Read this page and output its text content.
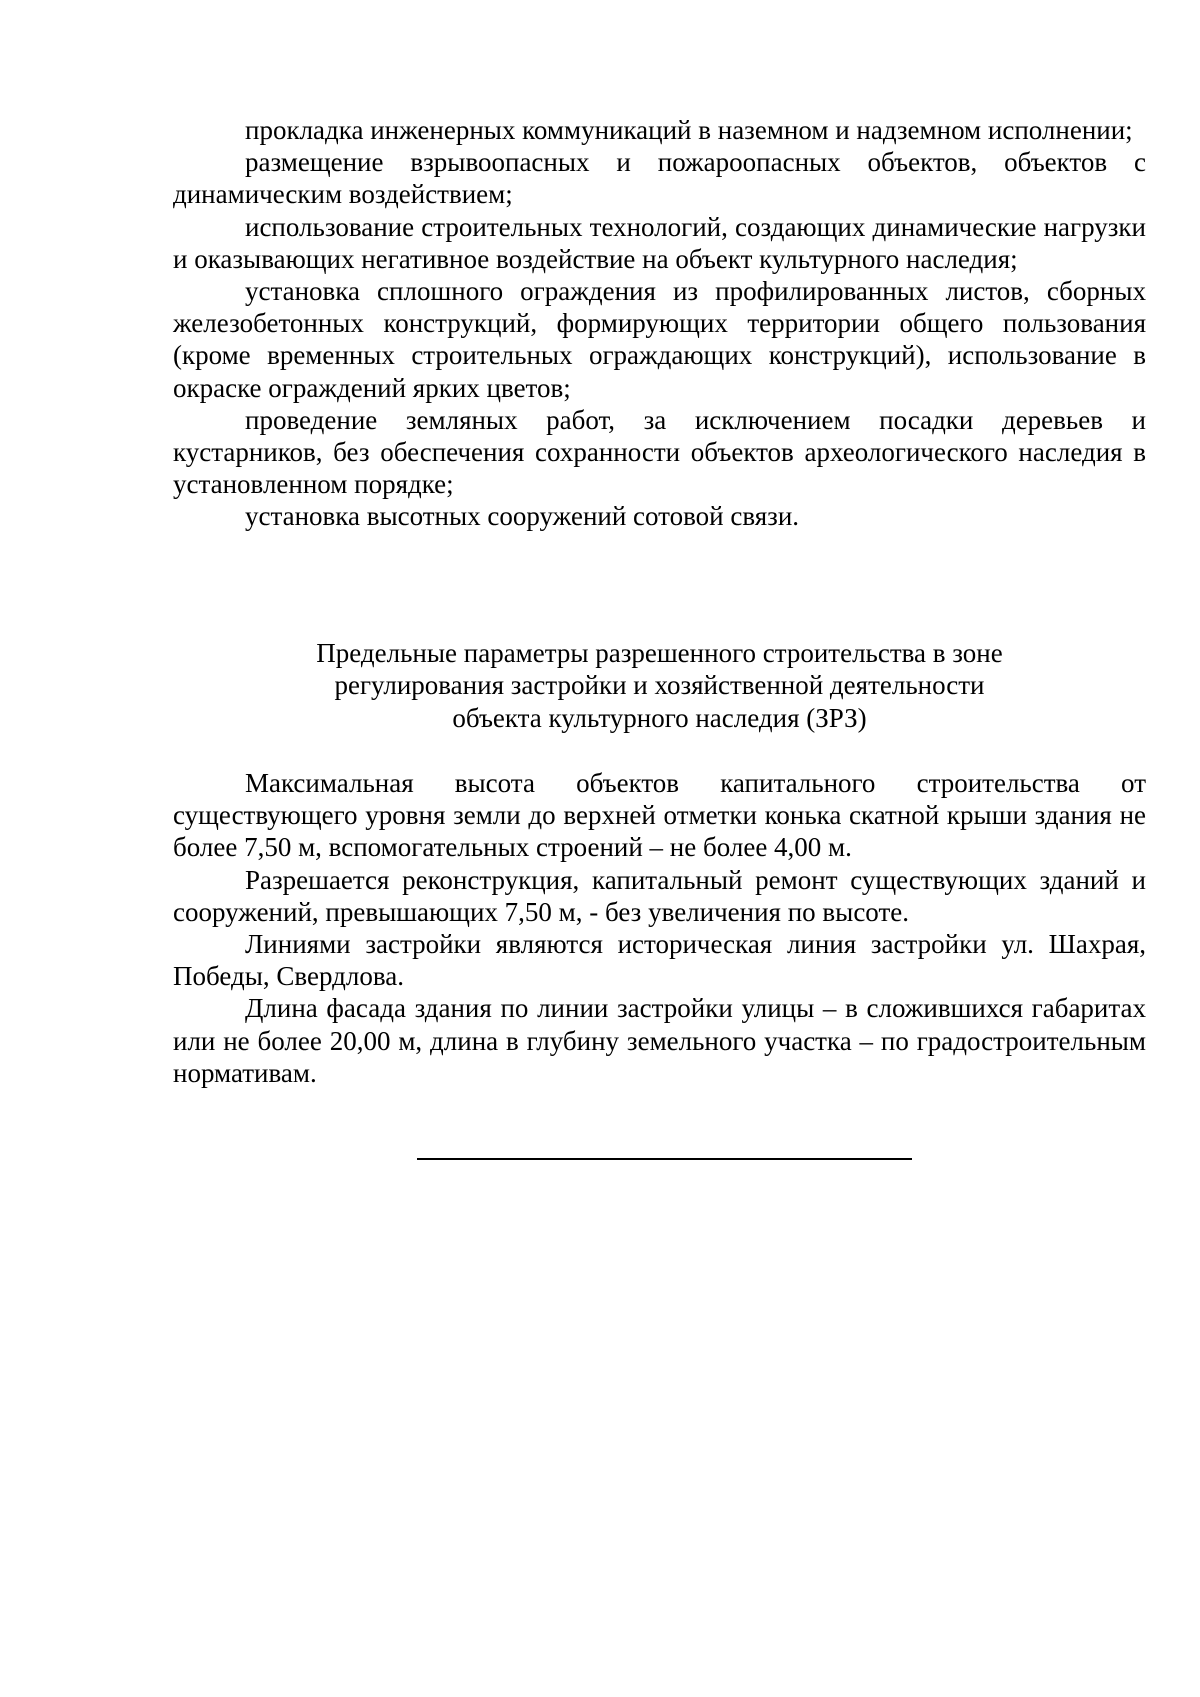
прокладка инженерных коммуникаций в наземном и надземном исполнении;

размещение взрывоопасных и пожароопасных объектов, объектов с динамическим воздействием;

использование строительных технологий, создающих динамические нагрузки и оказывающих негативное воздействие на объект культурного наследия;

установка сплошного ограждения из профилированных листов, сборных железобетонных конструкций, формирующих территории общего пользования (кроме временных строительных ограждающих конструкций), использование в окраске ограждений ярких цветов;

проведение земляных работ, за исключением посадки деревьев и кустарников, без обеспечения сохранности объектов археологического наследия в установленном порядке;

установка высотных сооружений сотовой связи.

Предельные параметры разрешенного строительства в зоне
регулирования застройки и хозяйственной деятельности
объекта культурного наследия (ЗРЗ)

Максимальная высота объектов капитального строительства от существующего уровня земли до верхней отметки конька скатной крыши здания не более 7,50 м, вспомогательных строений – не более 4,00 м.

Разрешается реконструкция, капитальный ремонт существующих зданий и сооружений, превышающих 7,50 м, - без увеличения по высоте.

Линиями застройки являются историческая линия застройки ул. Шахрая, Победы, Свердлова.

Длина фасада здания по линии застройки улицы – в сложившихся габаритах или не более 20,00 м, длина в глубину земельного участка – по градостроительным нормативам.
